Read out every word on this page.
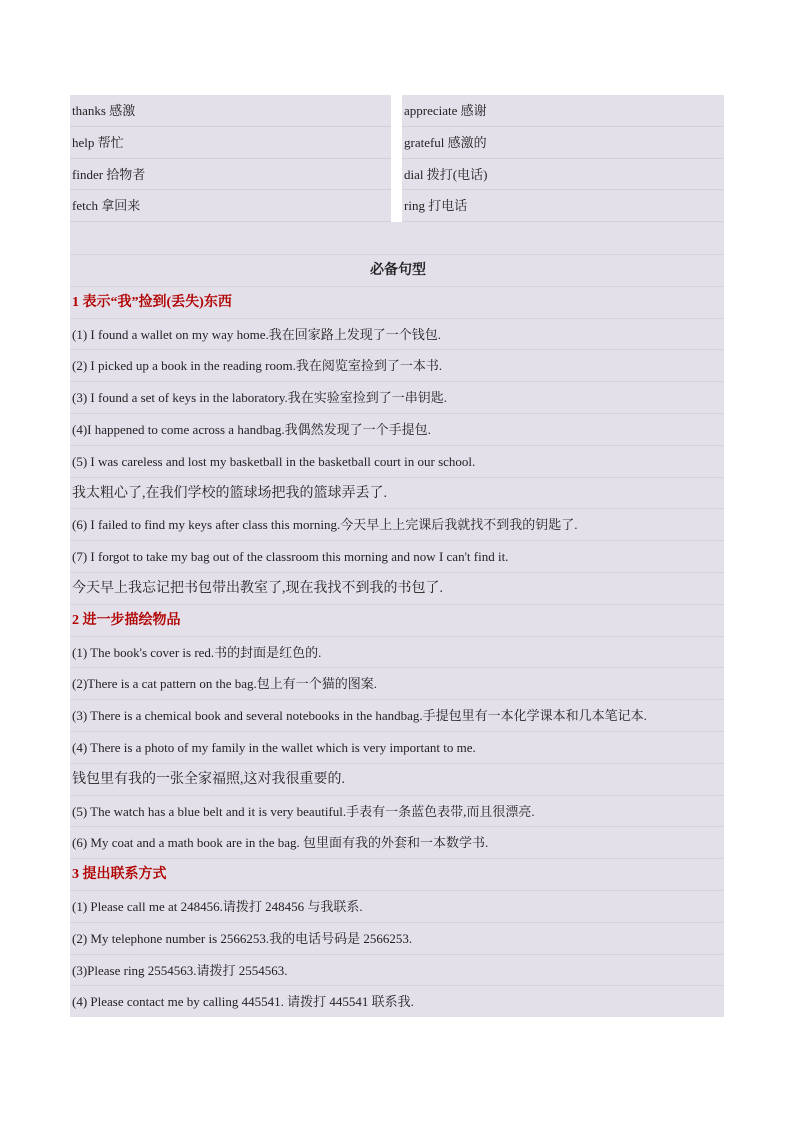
thanks 感激
help 帮忙
finder 拾物者
fetch 拿回来
appreciate 感谢
grateful 感激的
dial 拨打(电话)
ring 打电话
必备句型
1 表示“我”捡到(丢失)东西
(1) I found a wallet on my way home.我在回家路上发现了一个钱包.
(2) I picked up a book in the reading room.我在阅览室捡到了一本书.
(3) I found a set of keys in the laboratory.我在实验室捡到了一串钥匙.
(4)I happened to come across a handbag.我偶然发现了一个手提包.
(5) I was careless and lost my basketball in the basketball court in our school.
我太粗心了,在我们学校的篮球场把我的篮球弄丢了.
(6) I failed to find my keys after class this morning.今天早上上完课后我就找不到我的钥匙了.
(7) I forgot to take my bag out of the classroom this morning and now I can't find it.
今天早上我忘记把书包带出教室了,现在我找不到我的书包了.
2 进一步描绘物品
(1) The book's cover is red.书的封面是红色的.
(2)There is a cat pattern on the bag.包上有一个猫的图案.
(3) There is a chemical book and several notebooks in the handbag.手提包里有一本化学课本和几本笔记本.
(4) There is a photo of my family in the wallet which is very important to me.
钱包里有我的一张全家福照,这对我很重要的.
(5) The watch has a blue belt and it is very beautiful.手表有一条蓝色表带,而且很漂亮.
(6) My coat and a math book are in the bag. 包里面有我的外套和一本数学书.
3 提出联系方式
(1) Please call me at 248456.请拨打 248456 与我联系.
(2) My telephone number is 2566253.我的电话号码是 2566253.
(3)Please ring 2554563.请拨打 2554563.
(4) Please contact me by calling 445541. 请拨打 445541 联系我.
